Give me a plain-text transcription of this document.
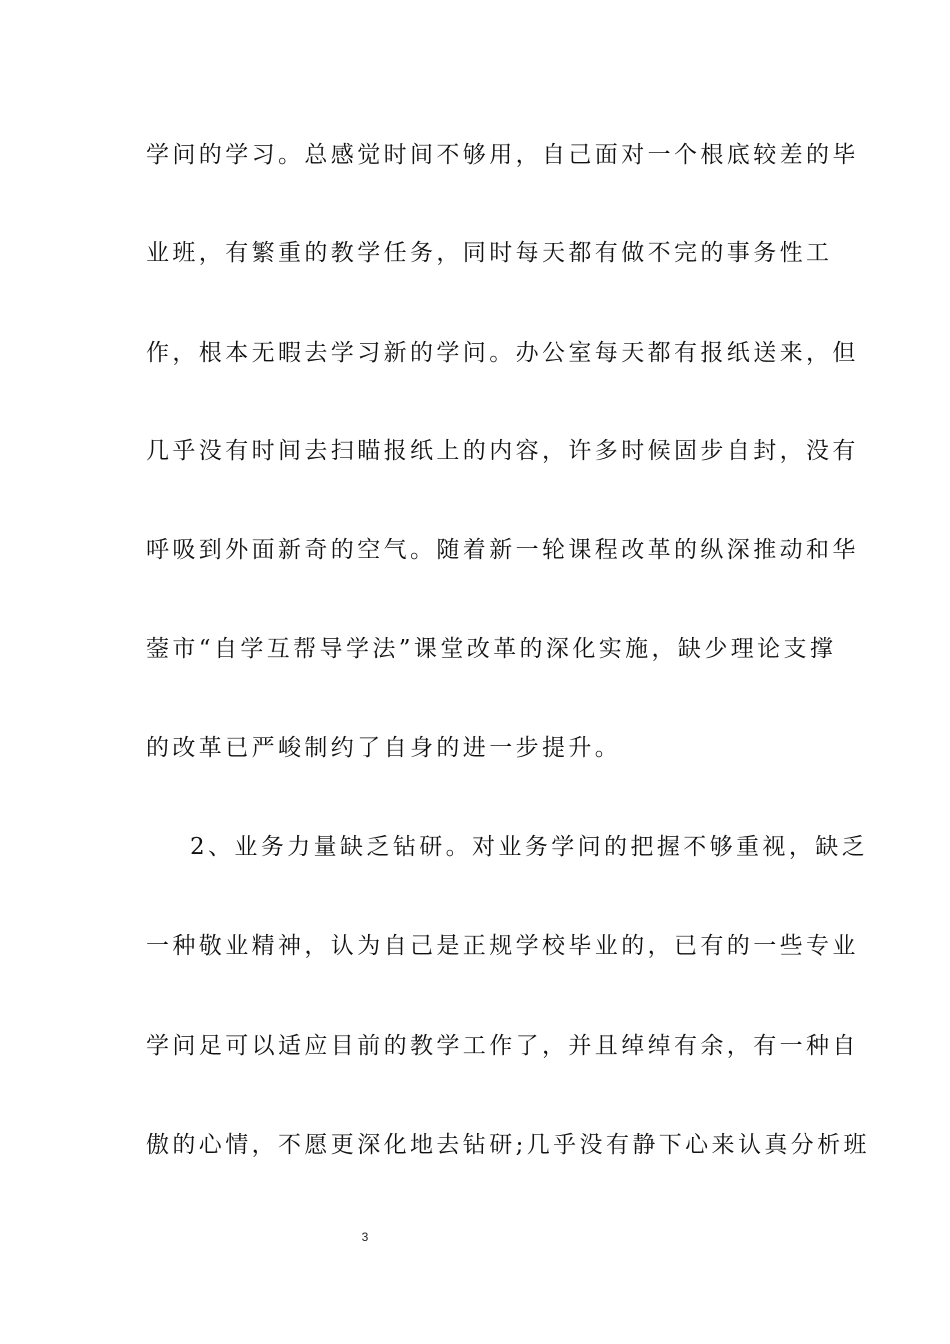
学问的学习。总感觉时间不够用，自己面对一个根底较差的毕
业班，有繁重的教学任务，同时每天都有做不完的事务性工
作，根本无暇去学习新的学问。办公室每天都有报纸送来，但
几乎没有时间去扫瞄报纸上的内容，许多时候固步自封，没有
呼吸到外面新奇的空气。随着新一轮课程改革的纵深推动和华
蓥市“自学互帮导学法”课堂改革的深化实施，缺少理论支撑
的改革已严峻制约了自身的进一步提升。
2、业务力量缺乏钻研。对业务学问的把握不够重视，缺乏
一种敬业精神，认为自己是正规学校毕业的，已有的一些专业
学问足可以适应目前的教学工作了，并且绰绰有余，有一种自
傲的心情，不愿更深化地去钻研;几乎没有静下心来认真分析班
3
